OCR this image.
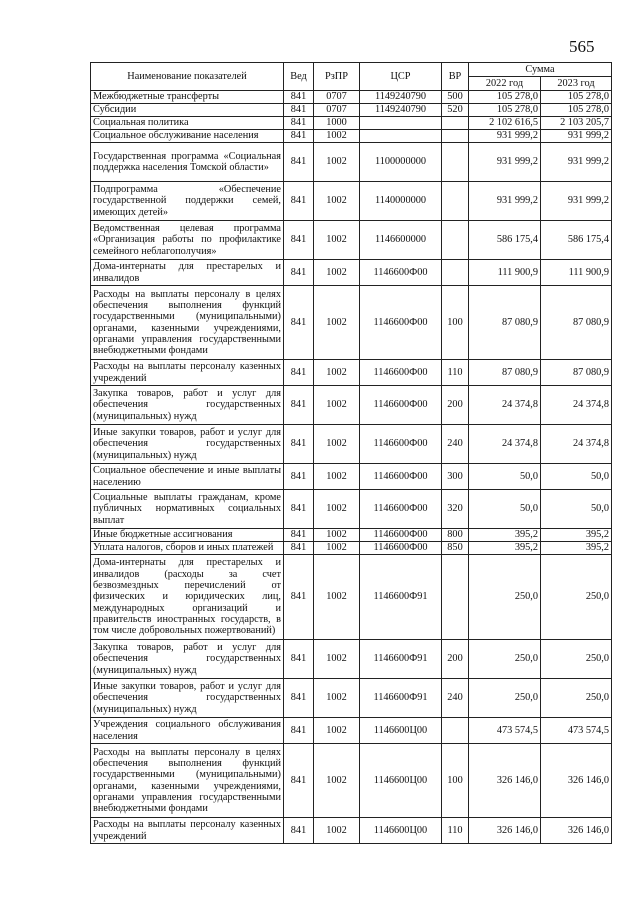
565
Наименование показателей	Вед	РзПР	ЦСР	ВР	Сумма	
					2022 год	2023 год
Межбюджетные трансферты	841	0707	1149240790	500	105 278,0	105 278,0
Субсидии	841	0707	1149240790	520	105 278,0	105 278,0
Социальная политика	841	1000			2 102 616,5	2 103 205,7
Социальное обслуживание населения	841	1002			931 999,2	931 999,2
Государственная программа «Социальная поддержка населения Томской области»	841	1002	1100000000		931 999,2	931 999,2
Подпрограмма «Обеспечение государственной поддержки семей, имеющих детей»	841	1002	1140000000		931 999,2	931 999,2
Ведомственная целевая программа «Организация работы по профилактике семейного неблагополучия»	841	1002	1146600000		586 175,4	586 175,4
Дома-интернаты для престарелых и инвалидов	841	1002	1146600Ф00		111 900,9	111 900,9
Расходы на выплаты персоналу в целях обеспечения выполнения функций государственными (муниципальными) органами, казенными учреждениями, органами управления государственными внебюджетными фондами	841	1002	1146600Ф00	100	87 080,9	87 080,9
Расходы на выплаты персоналу казенных учреждений	841	1002	1146600Ф00	110	87 080,9	87 080,9
Закупка товаров, работ и услуг для обеспечения государственных (муниципальных) нужд	841	1002	1146600Ф00	200	24 374,8	24 374,8
Иные закупки товаров, работ и услуг для обеспечения государственных (муниципальных) нужд	841	1002	1146600Ф00	240	24 374,8	24 374,8
Социальное обеспечение и иные выплаты населению	841	1002	1146600Ф00	300	50,0	50,0
Социальные выплаты гражданам, кроме публичных нормативных социальных выплат	841	1002	1146600Ф00	320	50,0	50,0
Иные бюджетные ассигнования	841	1002	1146600Ф00	800	395,2	395,2
Уплата налогов, сборов и иных платежей	841	1002	1146600Ф00	850	395,2	395,2
Дома-интернаты для престарелых и инвалидов (расходы за счет безвозмездных перечислений от физических и юридических лиц, международных организаций и правительств иностранных государств, в том числе добровольных пожертвований)	841	1002	1146600Ф91		250,0	250,0
Закупка товаров, работ и услуг для обеспечения государственных (муниципальных) нужд	841	1002	1146600Ф91	200	250,0	250,0
Иные закупки товаров, работ и услуг для обеспечения государственных (муниципальных) нужд	841	1002	1146600Ф91	240	250,0	250,0
Учреждения социального обслуживания населения	841	1002	1146600Ц00		473 574,5	473 574,5
Расходы на выплаты персоналу в целях обеспечения выполнения функций государственными (муниципальными) органами, казенными учреждениями, органами управления государственными внебюджетными фондами	841	1002	1146600Ц00	100	326 146,0	326 146,0
Расходы на выплаты персоналу казенных учреждений	841	1002	1146600Ц00	110	326 146,0	326 146,0
